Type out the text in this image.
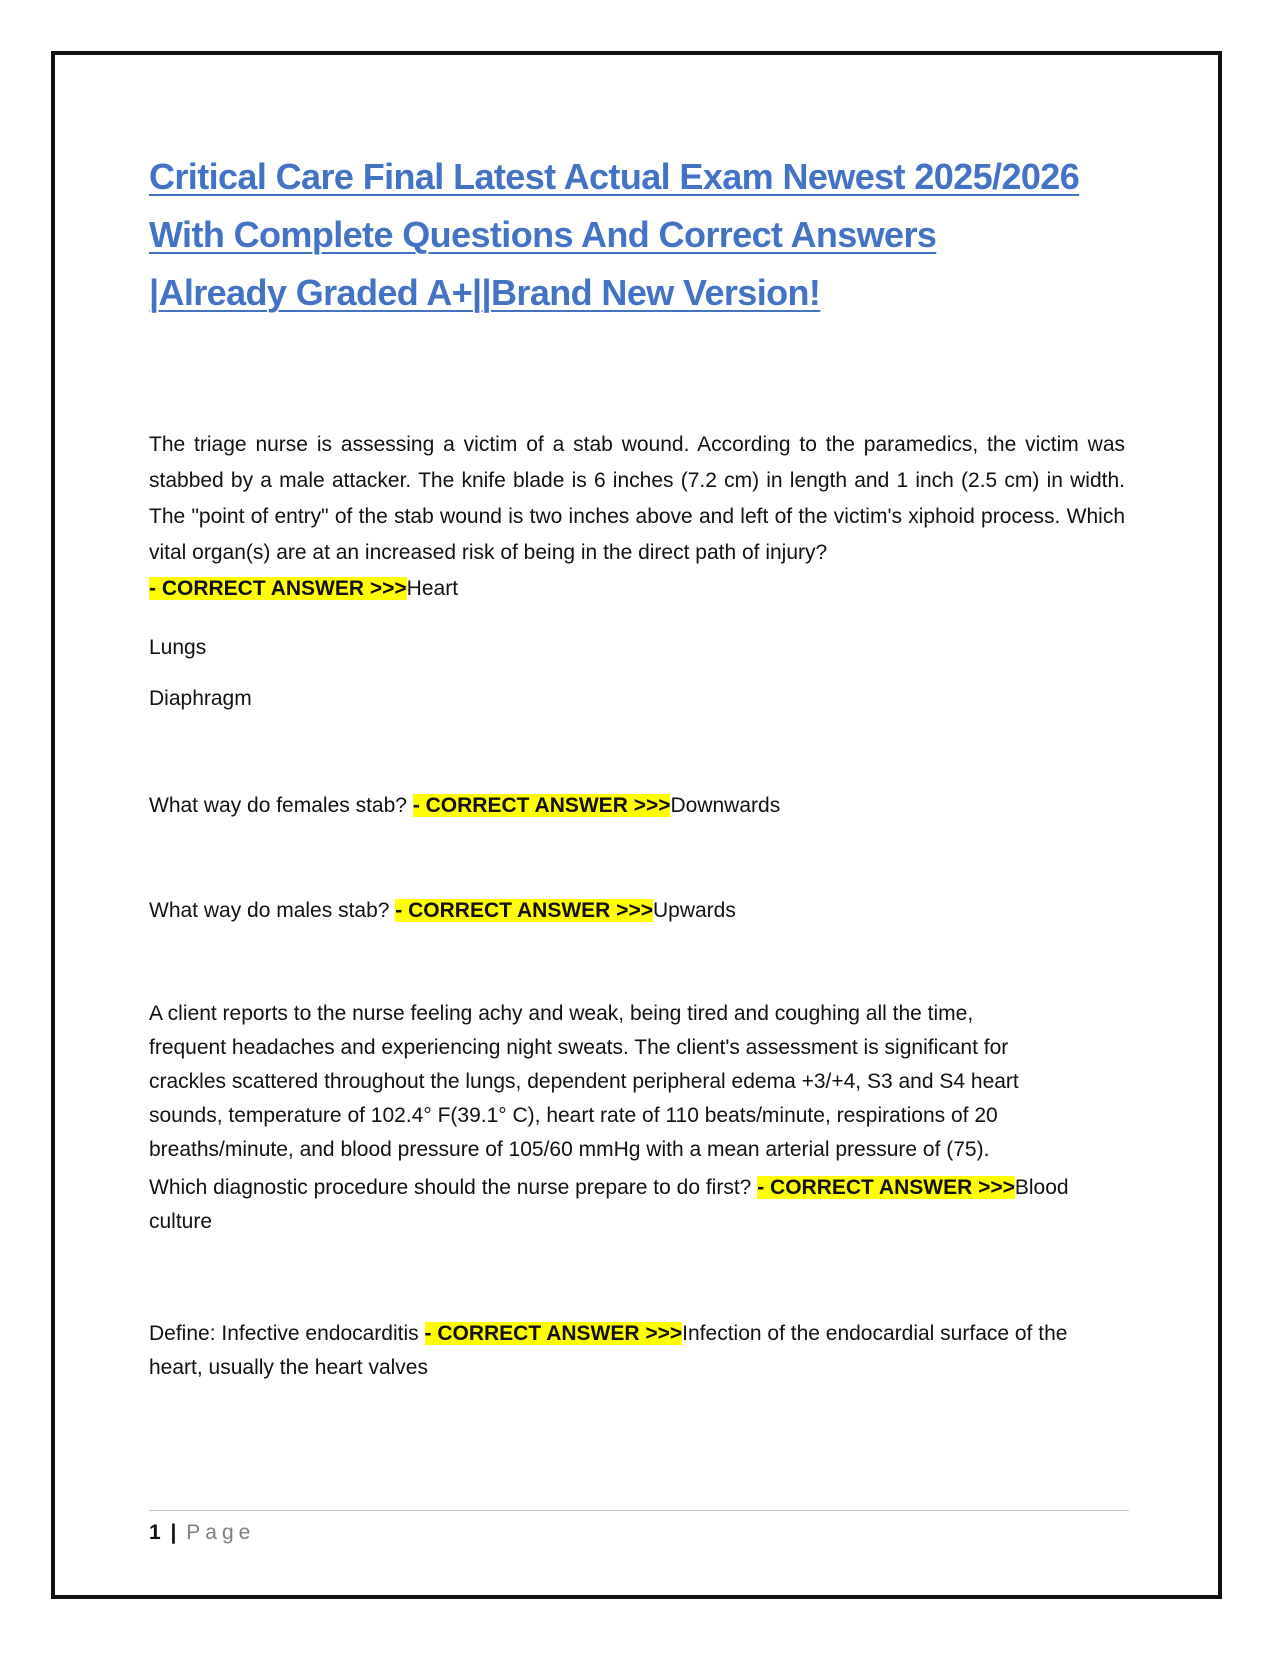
Critical Care Final Latest Actual Exam Newest 2025/2026
With Complete Questions And Correct Answers
|Already Graded A+||Brand New Version!

The triage nurse is assessing a victim of a stab wound. According to the paramedics, the victim was stabbed by a male attacker. The knife blade is 6 inches (7.2 cm) in length and 1 inch (2.5 cm) in width. The "point of entry" of the stab wound is two inches above and left of the victim's xiphoid process. Which vital organ(s) are at an increased risk of being in the direct path of injury?
- CORRECT ANSWER >>>Heart

Lungs

Diaphragm

What way do females stab? - CORRECT ANSWER >>>Downwards

What way do males stab? - CORRECT ANSWER >>>Upwards

A client reports to the nurse feeling achy and weak, being tired and coughing all the time,
frequent headaches and experiencing night sweats. The client's assessment is significant for
crackles scattered throughout the lungs, dependent peripheral edema +3/+4, S3 and S4 heart
sounds, temperature of 102.4° F(39.1° C), heart rate of 110 beats/minute, respirations of 20
breaths/minute, and blood pressure of 105/60 mmHg with a mean arterial pressure of (75).
Which diagnostic procedure should the nurse prepare to do first? - CORRECT ANSWER >>>Blood culture

Define: Infective endocarditis - CORRECT ANSWER >>>Infection of the endocardial surface of the heart, usually the heart valves

1 | Page
